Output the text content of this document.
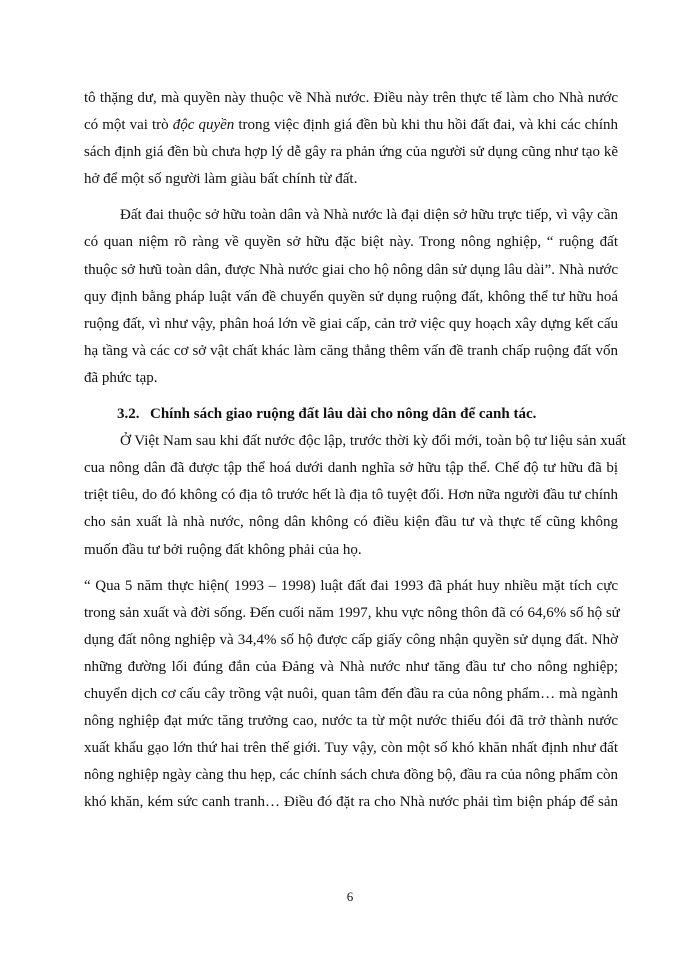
tô thặng dư, mà quyền này thuộc về Nhà nước. Điều này trên thực tế làm cho Nhà nước
có một vai trò độc quyền trong việc định giá đền bù khi thu hồi đất đai, và khi các chính
sách định giá đền bù chưa hợp lý dễ gây ra phản ứng của người sử dụng cũng như tạo kẽ
hở để một số người làm giàu bất chính từ đất.
Đất đai thuộc sở hữu toàn dân và Nhà nước là đại diện sở hữu trực tiếp, vì vậy cần
có quan niệm rõ ràng về quyền sở hữu đặc biệt này. Trong nông nghiệp, “ ruộng đất
thuộc sở hưũ toàn dân, được Nhà nước giai cho hộ nông dân sử dụng lâu dài”. Nhà nước
quy định bằng pháp luật vấn đề chuyển quyền sử dụng ruộng đất, không thể tư hữu hoá
ruộng đất, vì như vậy, phân hoá lớn về giai cấp, cản trở việc quy hoạch xây dựng kết cấu
hạ tầng và các cơ sở vật chất khác làm căng thẳng thêm vấn đề tranh chấp ruộng đất vốn
đã phức tạp.
3.2. Chính sách giao ruộng đất lâu dài cho nông dân để canh tác.
Ở Việt Nam sau khi đất nước độc lập, trước thời kỳ đổi mới, toàn bộ tư liệu sản xuất
cua nông dân đã được tập thể hoá dưới danh nghĩa sở hữu tập thể. Chế độ tư hữu đã bị
triệt tiêu, do đó không có địa tô trước hết là địa tô tuyệt đối. Hơn nữa người đầu tư chính
cho sản xuất là nhà nước, nông dân không có điều kiện đầu tư và thực tế cũng không
muốn đầu tư bởi ruộng đất không phải của họ.
“ Qua 5 năm thực hiện( 1993 – 1998) luật đất đai 1993 đã phát huy nhiều mặt tích cực
trong sản xuất và đời sống. Đến cuối năm 1997, khu vực nông thôn đã có 64,6% số hộ sử
dụng đất nông nghiệp và 34,4% số hộ được cấp giấy công nhận quyền sử dụng đất. Nhờ
những đường lối đúng đắn của Đảng và Nhà nước như tăng đầu tư cho nông nghiệp;
chuyển dịch cơ cấu cây trồng vật nuôi, quan tâm đến đầu ra của nông phẩm… mà ngành
nông nghiệp đạt mức tăng trưởng cao, nước ta từ một nước thiếu đói đã trở thành nước
xuất khẩu gạo lớn thứ hai trên thế giới. Tuy vậy, còn một số khó khăn nhất định như đất
nông nghiệp ngày càng thu hẹp, các chính sách chưa đồng bộ, đầu ra của nông phẩm còn
khó khăn, kém sức canh tranh… Điều đó đặt ra cho Nhà nước phải tìm biện pháp để sản
6
